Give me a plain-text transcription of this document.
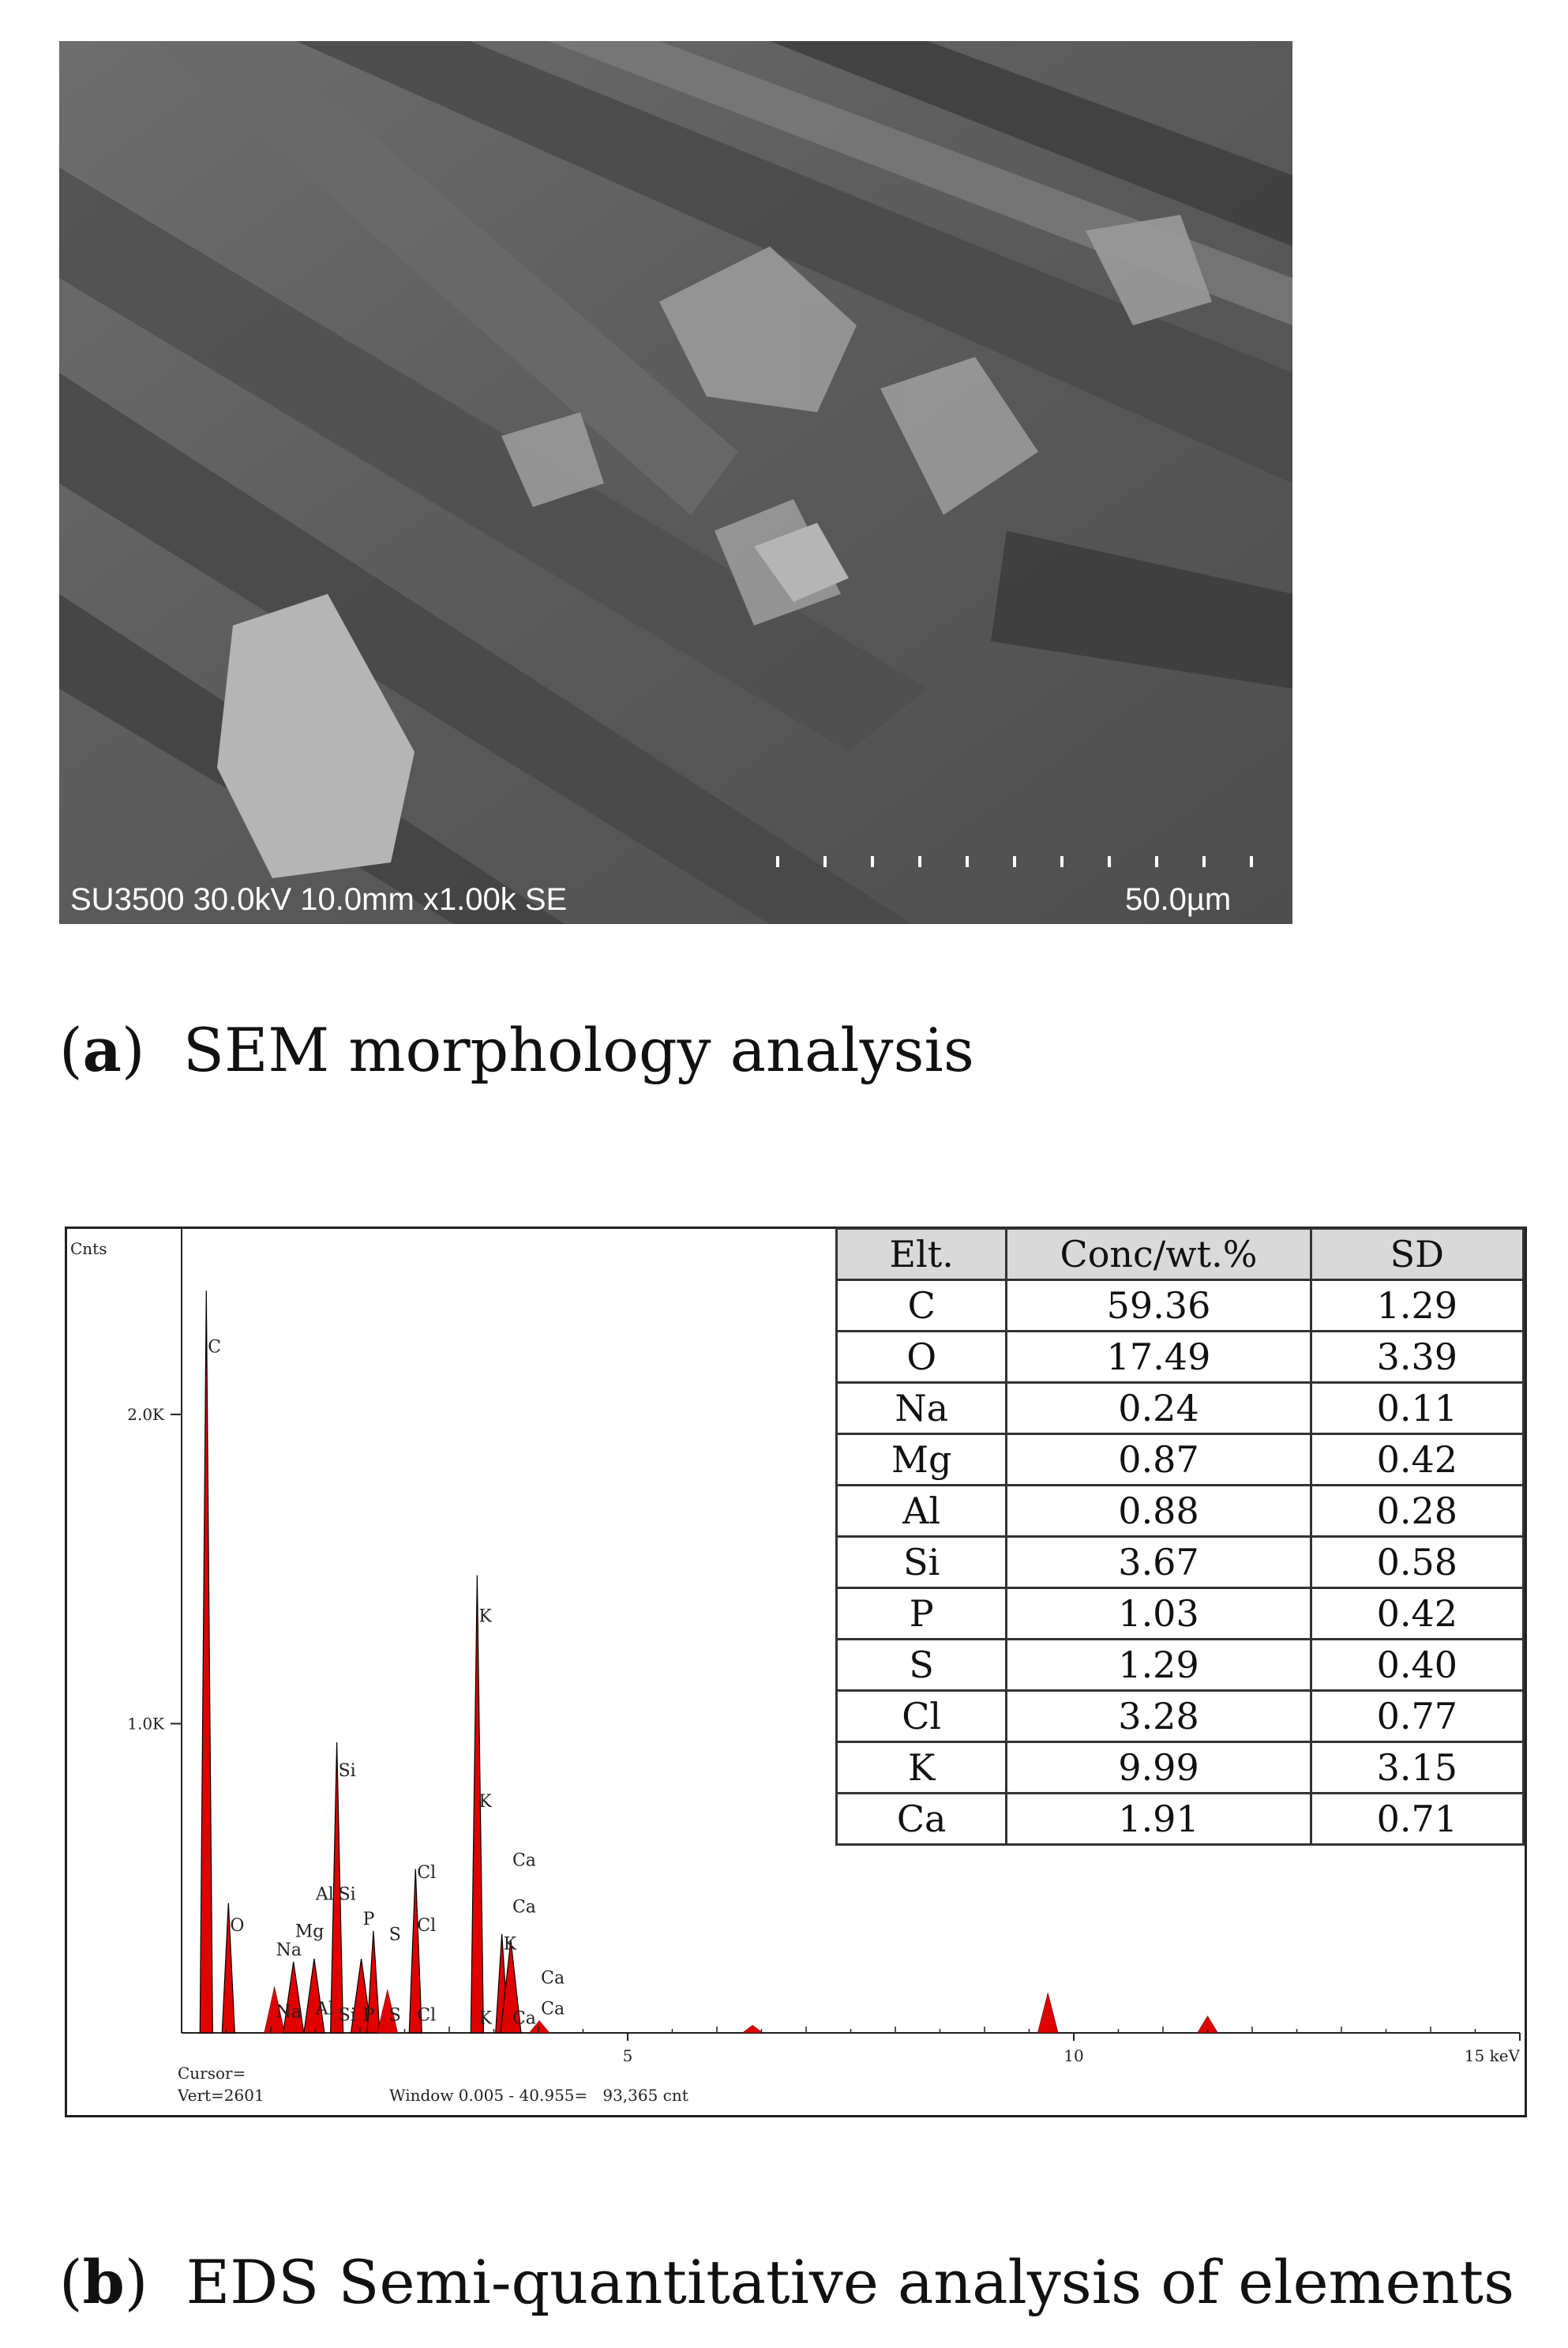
SU3500 30.0kV 10.0mm x1.00k SE	50.0µm
(a)  SEM morphology analysis
5	10	15 keV
1.0K
2.0K
C
O
Na
Mg
Al Si
Si
P
S
Cl
Cl
K
K
Ca
Ca
K
Ca
Ca
Na Al Si P S Cl K Ca
Cnts
Cursor=
Vert=2601	Window 0.005 - 40.955=   93,365 cnt
Elt.	Conc/wt.%	SD
C	59.36	1.29
O	17.49	3.39
Na	0.24	0.11
Mg	0.87	0.42
Al	0.88	0.28
Si	3.67	0.58
P	1.03	0.42
S	1.29	0.40
Cl	3.28	0.77
K	9.99	3.15
Ca	1.91	0.71
(b)  EDS Semi-quantitative analysis of elements
